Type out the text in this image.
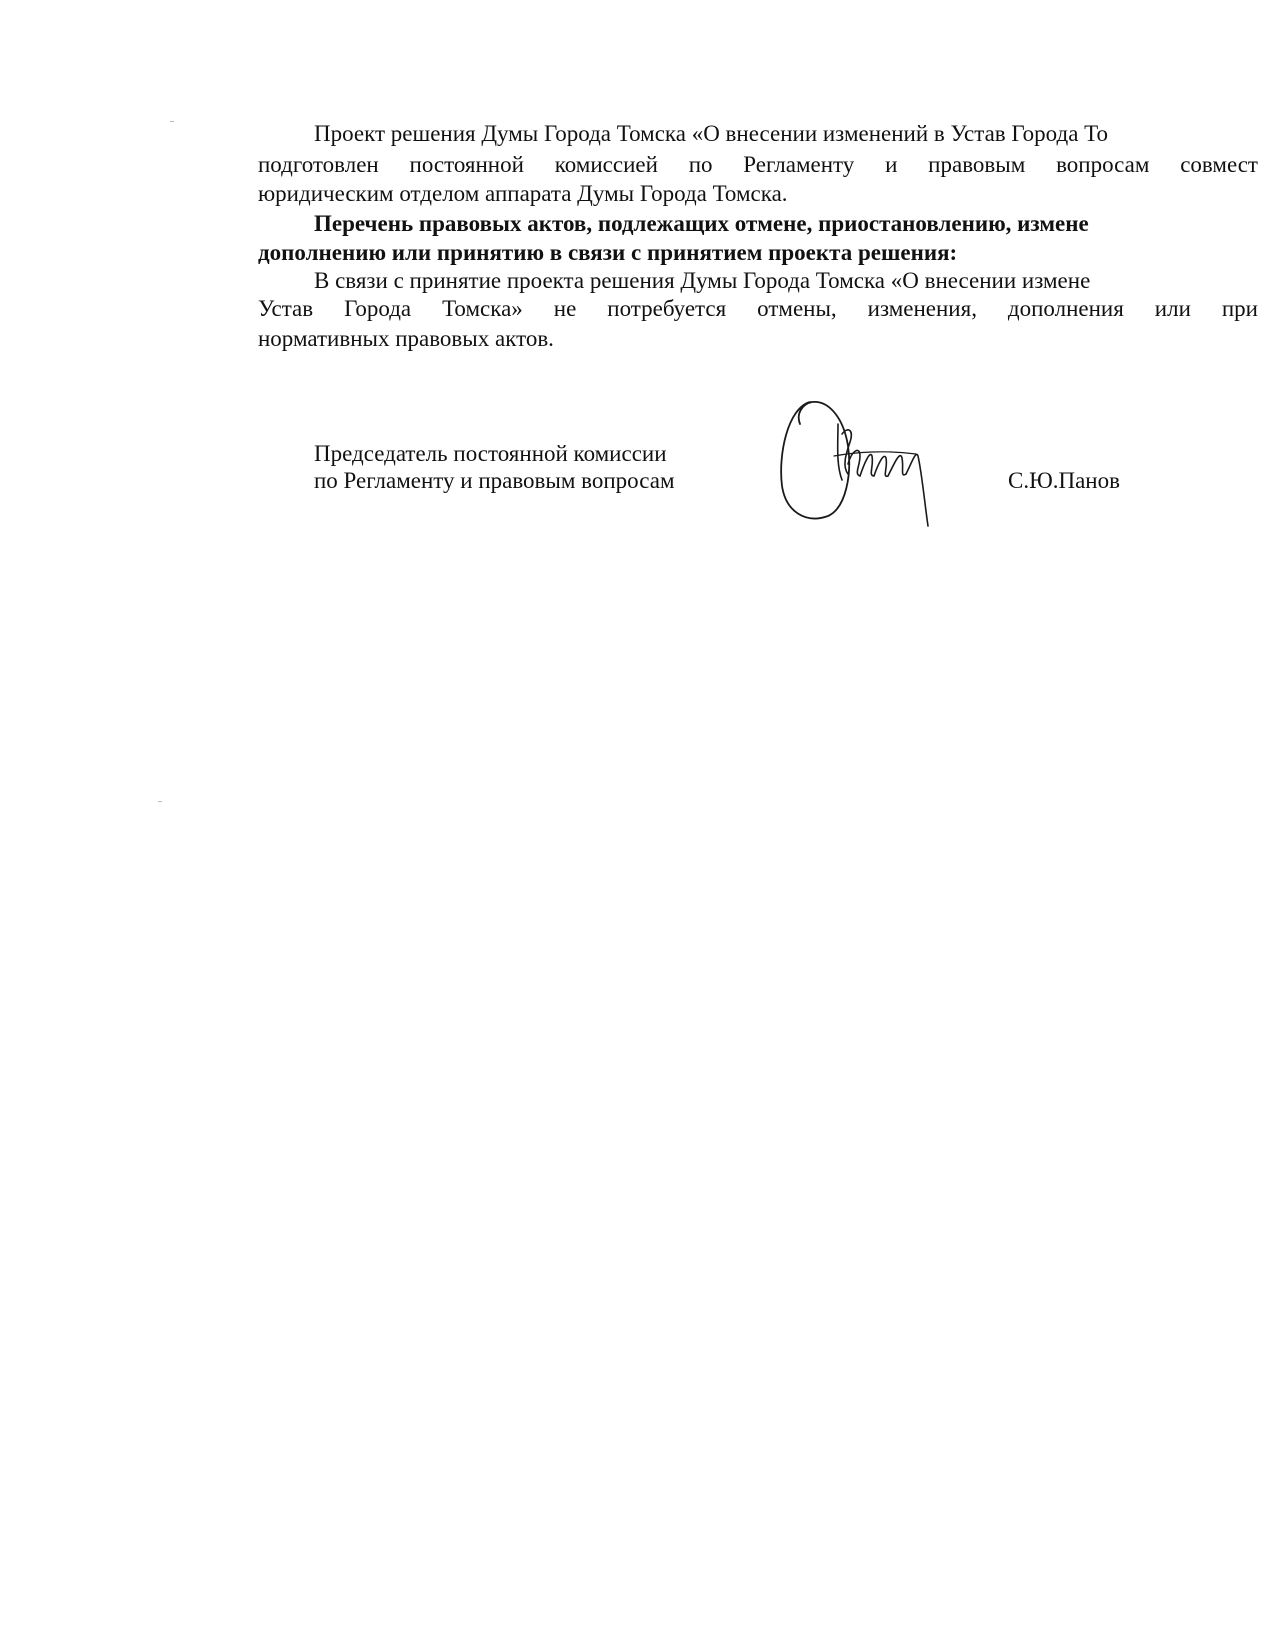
Проект решения Думы Города Томска «О внесении изменений в Устав Города То
подготовлен постоянной комиссией по Регламенту и правовым вопросам совмест
юридическим отделом аппарата Думы Города Томска.
Перечень правовых актов, подлежащих отмене, приостановлению, измене
дополнению или принятию в связи с принятием проекта решения:
В связи с принятие проекта решения Думы Города Томска «О внесении измене
Устав Города Томска» не потребуется отмены, изменения, дополнения или при
нормативных правовых актов.
Председатель постоянной комиссии
по Регламенту и правовым вопросам	С.Ю.Панов
